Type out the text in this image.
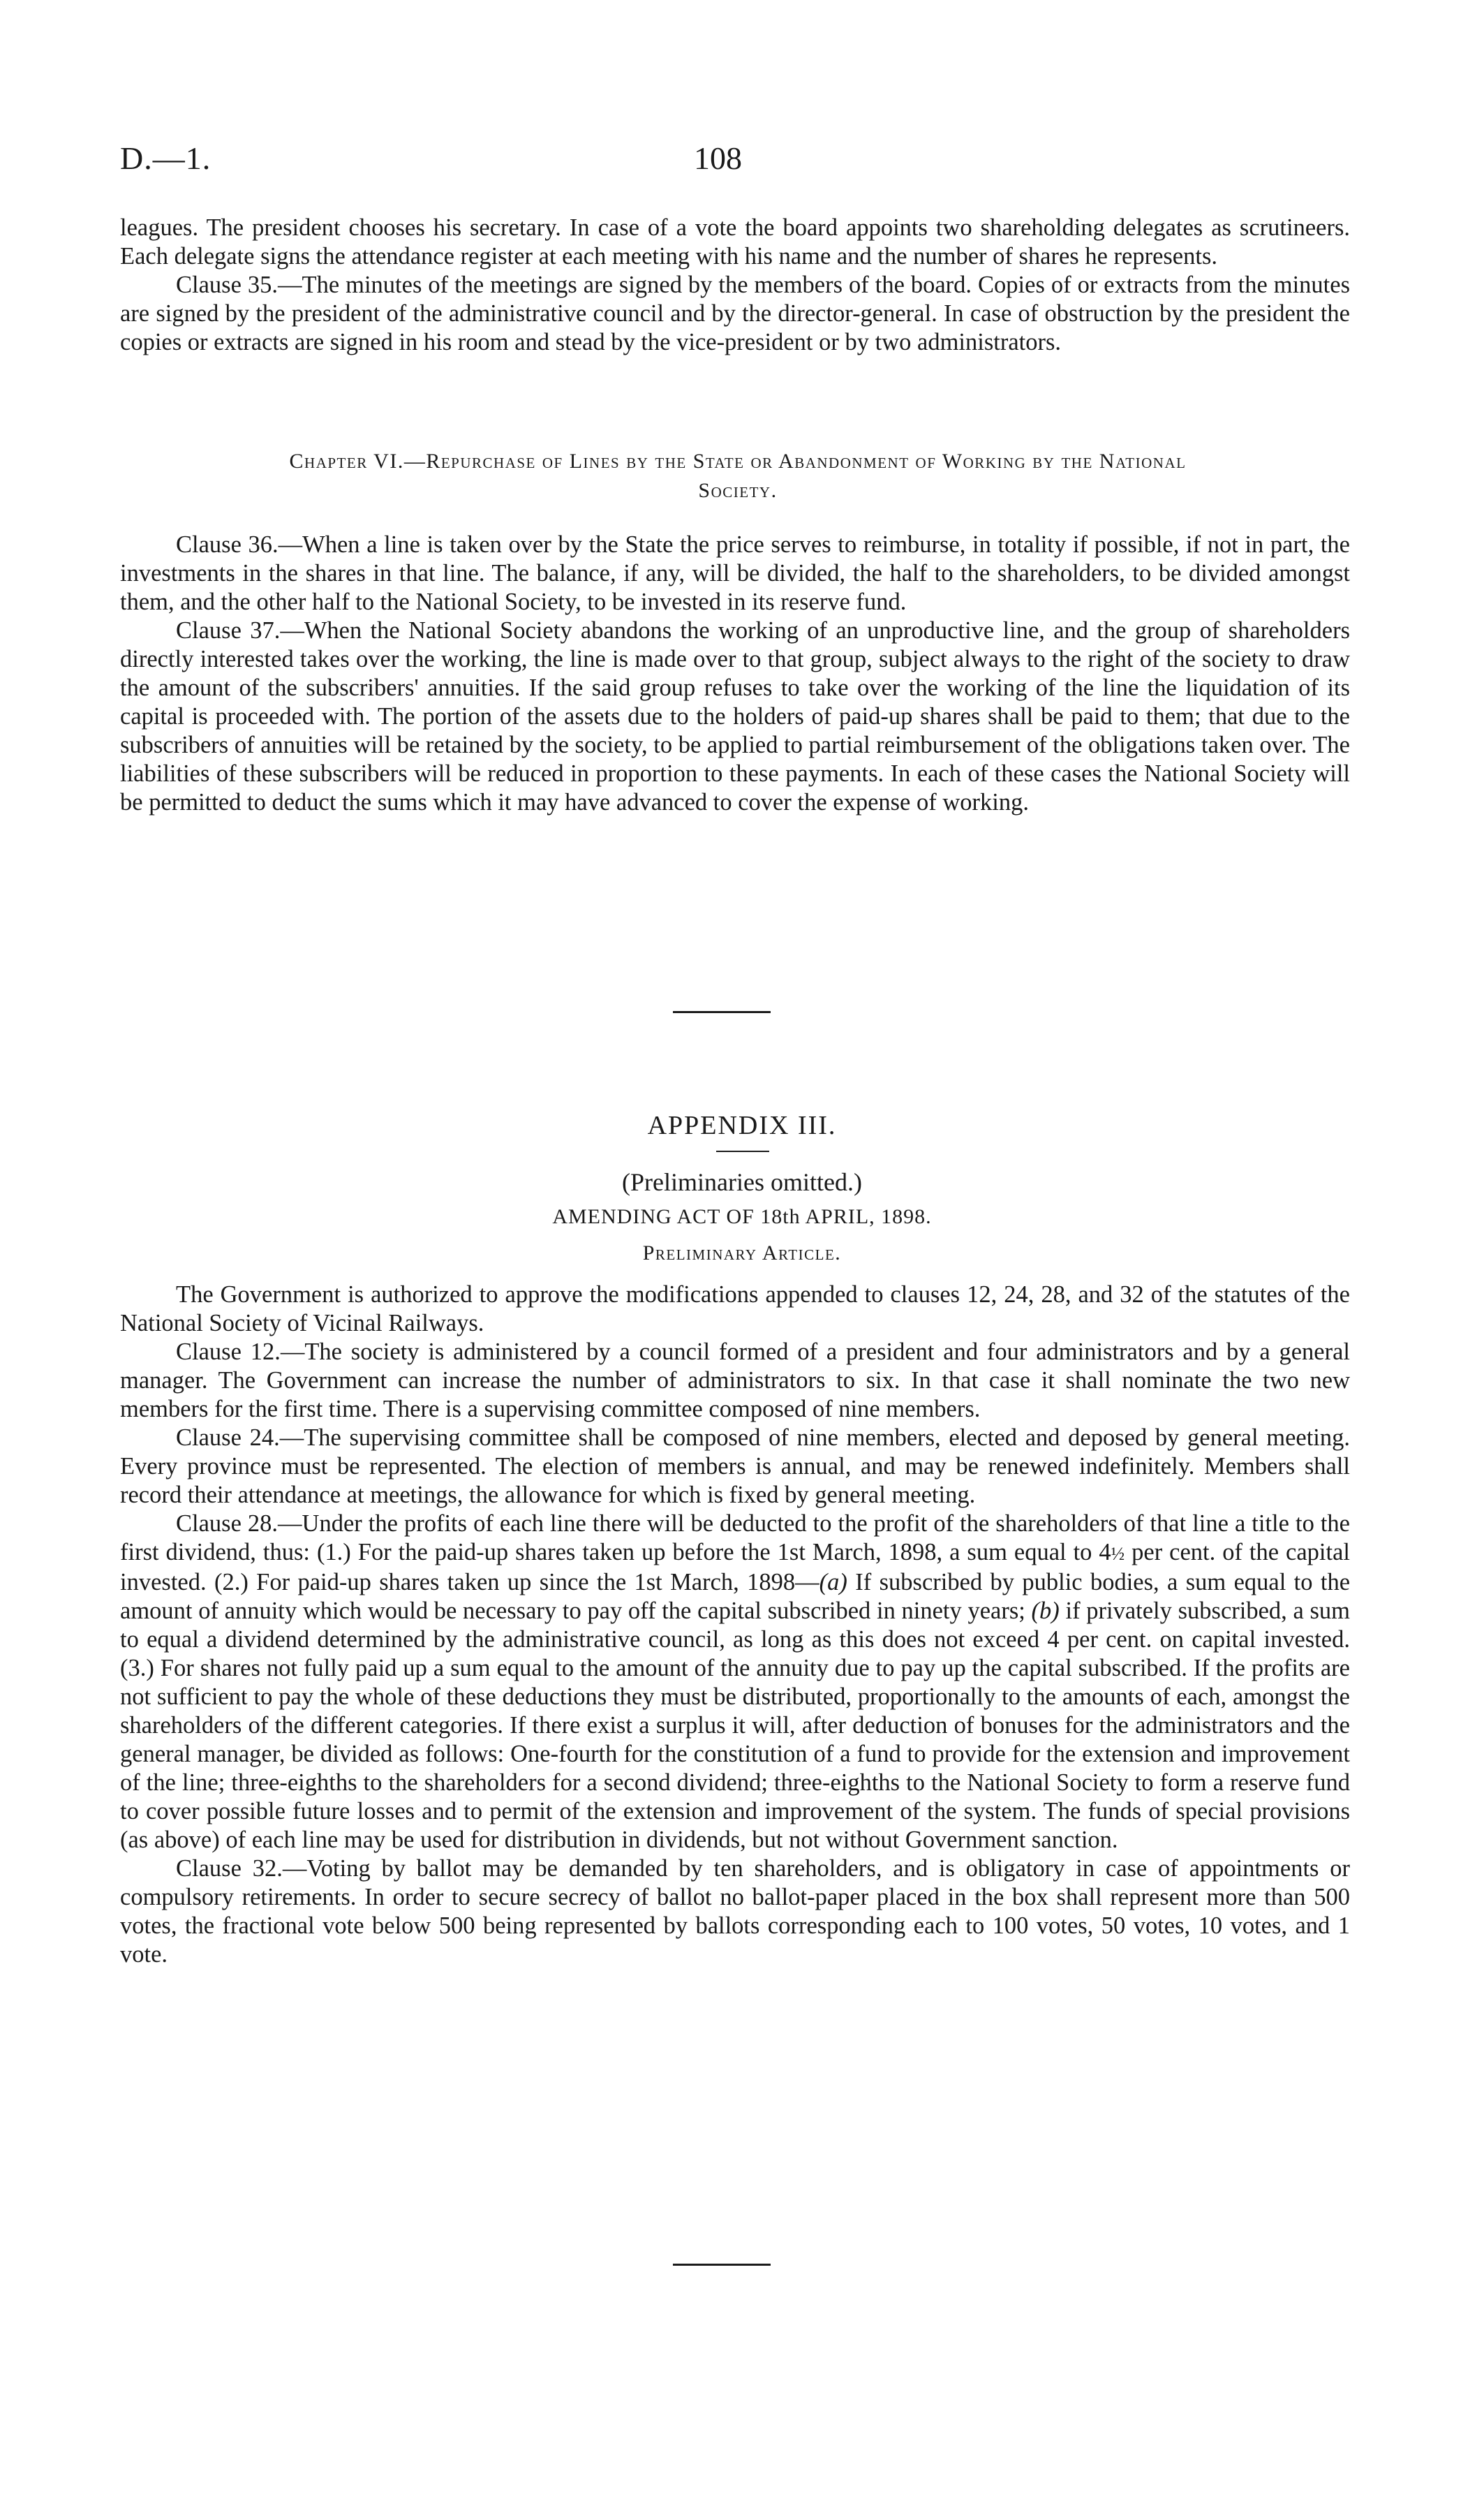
D.—1.	108

leagues. The president chooses his secretary. In case of a vote the board appoints two shareholding delegates as scrutineers. Each delegate signs the attendance register at each meeting with his name and the number of shares he represents.

Clause 35.—The minutes of the meetings are signed by the members of the board. Copies of or extracts from the minutes are signed by the president of the administrative council and by the director-general. In case of obstruction by the president the copies or extracts are signed in his room and stead by the vice-president or by two administrators.

Chapter VI.—Repurchase of Lines by the State or Abandonment of Working by the National
Society.

Clause 36.—When a line is taken over by the State the price serves to reimburse, in totality if possible, if not in part, the investments in the shares in that line. The balance, if any, will be divided, the half to the shareholders, to be divided amongst them, and the other half to the National Society, to be invested in its reserve fund.

Clause 37.—When the National Society abandons the working of an unproductive line, and the group of shareholders directly interested takes over the working, the line is made over to that group, subject always to the right of the society to draw the amount of the subscribers' annuities. If the said group refuses to take over the working of the line the liquidation of its capital is proceeded with. The portion of the assets due to the holders of paid-up shares shall be paid to them; that due to the subscribers of annuities will be retained by the society, to be applied to partial reimbursement of the obligations taken over. The liabilities of these subscribers will be reduced in proportion to these payments. In each of these cases the National Society will be permitted to deduct the sums which it may have advanced to cover the expense of working.

APPENDIX III.
(Preliminaries omitted.)
AMENDING ACT OF 18th APRIL, 1898.
Preliminary Article.

The Government is authorized to approve the modifications appended to clauses 12, 24, 28, and 32 of the statutes of the National Society of Vicinal Railways.

Clause 12.—The society is administered by a council formed of a president and four administrators and by a general manager. The Government can increase the number of administrators to six. In that case it shall nominate the two new members for the first time. There is a supervising committee composed of nine members.

Clause 24.—The supervising committee shall be composed of nine members, elected and deposed by general meeting. Every province must be represented. The election of members is annual, and may be renewed indefinitely. Members shall record their attendance at meetings, the allowance for which is fixed by general meeting.

Clause 28.—Under the profits of each line there will be deducted to the profit of the shareholders of that line a title to the first dividend, thus: (1.) For the paid-up shares taken up before the 1st March, 1898, a sum equal to 4½ per cent. of the capital invested. (2.) For paid-up shares taken up since the 1st March, 1898—(a) If subscribed by public bodies, a sum equal to the amount of annuity which would be necessary to pay off the capital subscribed in ninety years; (b) if privately subscribed, a sum to equal a dividend determined by the administrative council, as long as this does not exceed 4 per cent. on capital invested. (3.) For shares not fully paid up a sum equal to the amount of the annuity due to pay up the capital subscribed. If the profits are not sufficient to pay the whole of these deductions they must be distributed, proportionally to the amounts of each, amongst the shareholders of the different categories. If there exist a surplus it will, after deduction of bonuses for the administrators and the general manager, be divided as follows: One-fourth for the constitution of a fund to provide for the extension and improvement of the line; three-eighths to the shareholders for a second dividend; three-eighths to the National Society to form a reserve fund to cover possible future losses and to permit of the extension and improvement of the system. The funds of special provisions (as above) of each line may be used for distribution in dividends, but not without Government sanction.

Clause 32.—Voting by ballot may be demanded by ten shareholders, and is obligatory in case of appointments or compulsory retirements. In order to secure secrecy of ballot no ballot-paper placed in the box shall represent more than 500 votes, the fractional vote below 500 being represented by ballots corresponding each to 100 votes, 50 votes, 10 votes, and 1 vote.
